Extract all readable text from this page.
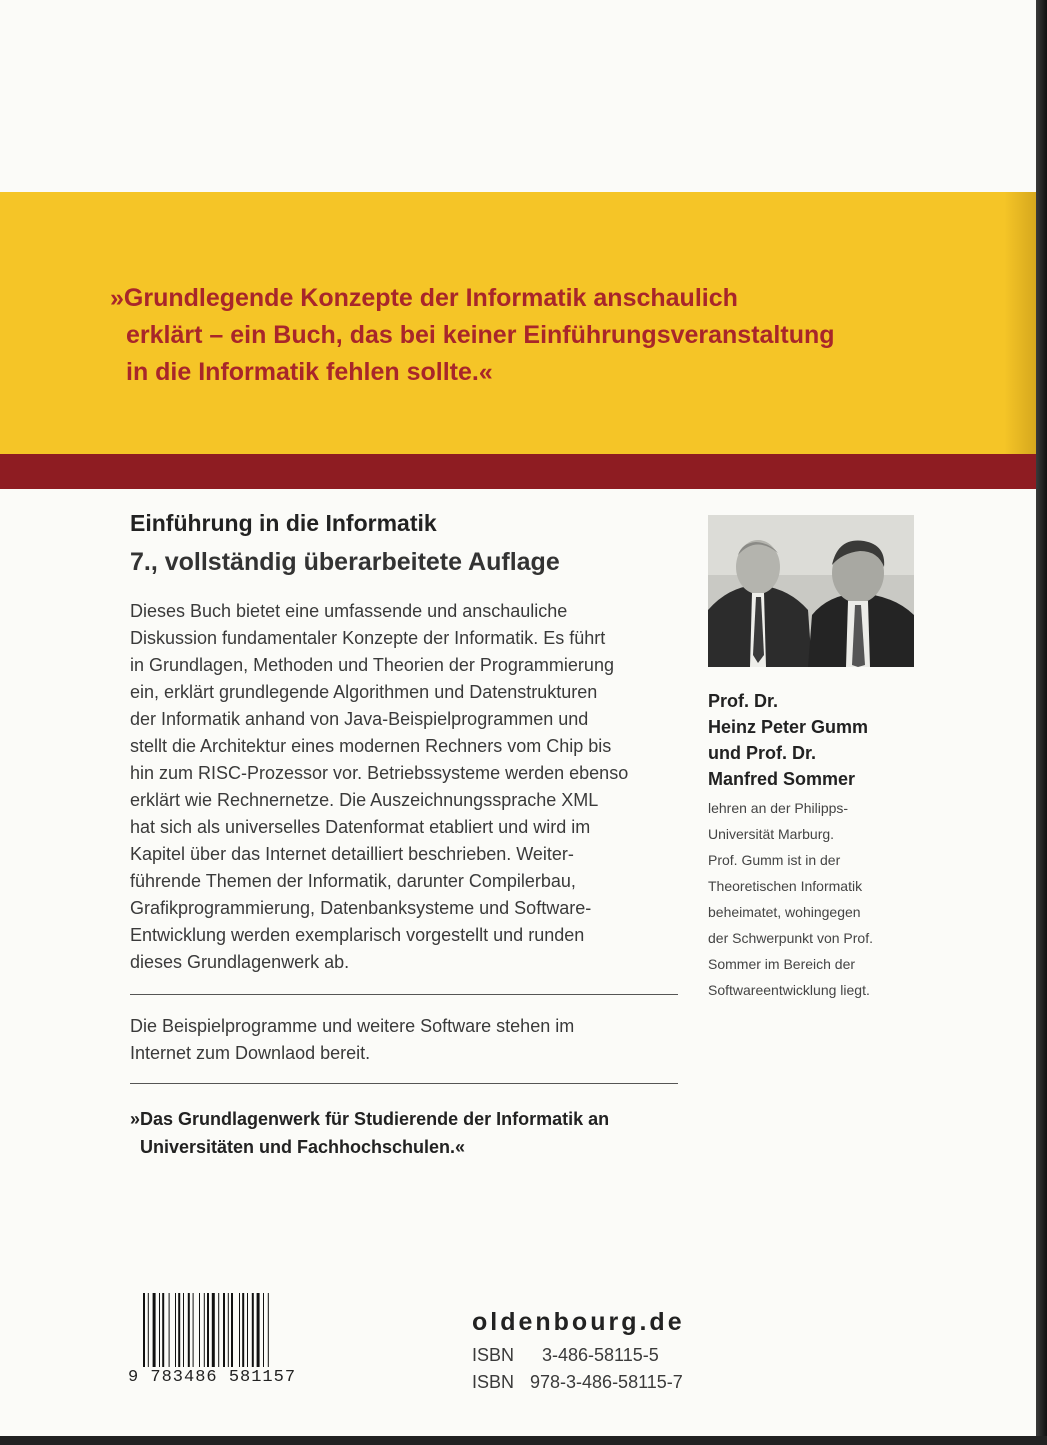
»Grundlegende Konzepte der Informatik anschaulich
erklärt – ein Buch, das bei keiner Einführungsveranstaltung
in die Informatik fehlen sollte.«
Einführung in die Informatik
7., vollständig überarbeitete Auflage
Dieses Buch bietet eine umfassende und anschauliche
Diskussion fundamentaler Konzepte der Informatik. Es führt
in Grundlagen, Methoden und Theorien der Programmierung
ein, erklärt grundlegende Algorithmen und Datenstrukturen
der Informatik anhand von Java-Beispielprogrammen und
stellt die Architektur eines modernen Rechners vom Chip bis
hin zum RISC-Prozessor vor. Betriebssysteme werden ebenso
erklärt wie Rechnernetze. Die Auszeichnungssprache XML
hat sich als universelles Datenformat etabliert und wird im
Kapitel über das Internet detailliert beschrieben. Weiter-
führende Themen der Informatik, darunter Compilerbau,
Grafikprogrammierung, Datenbanksysteme und Software-
Entwicklung werden exemplarisch vorgestellt und runden
dieses Grundlagenwerk ab.
Die Beispielprogramme und weitere Software stehen im
Internet zum Downlaod bereit.
»Das Grundlagenwerk für Studierende der Informatik an
Universitäten und Fachhochschulen.«
Prof. Dr.
Heinz Peter Gumm
und Prof. Dr.
Manfred Sommer
lehren an der Philipps-
Universität Marburg.
Prof. Gumm ist in der
Theoretischen Informatik
beheimatet, wohingegen
der Schwerpunkt von Prof.
Sommer im Bereich der
Softwareentwicklung liegt.
9 783486 581157
oldenbourg.de
ISBN	3-486-58115-5
ISBN 978-3-486-58115-7
